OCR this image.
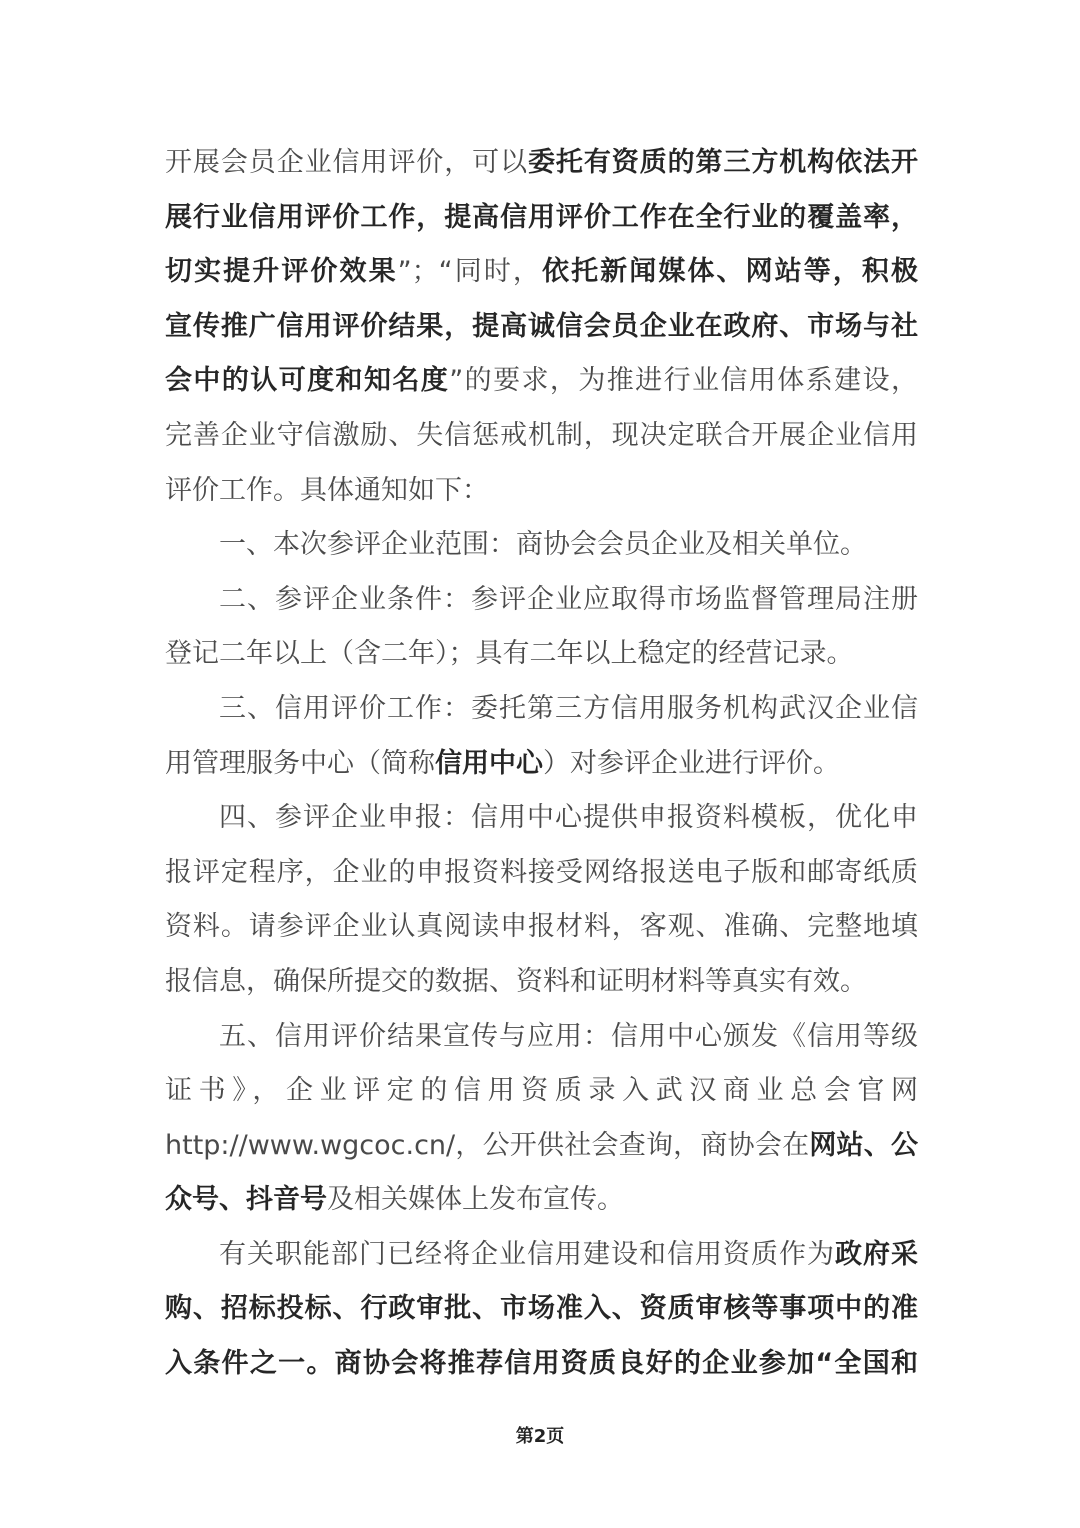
开展会员企业信用评价，可以委托有资质的第三方机构依法开
展行业信用评价工作，提高信用评价工作在全行业的覆盖率，
切实提升评价效果”；“同时，依托新闻媒体、网站等，积极
宣传推广信用评价结果，提高诚信会员企业在政府、市场与社
会中的认可度和知名度”的要求，为推进行业信用体系建设，
完善企业守信激励、失信惩戒机制，现决定联合开展企业信用
评价工作。具体通知如下：
一、本次参评企业范围：商协会会员企业及相关单位。
二、参评企业条件：参评企业应取得市场监督管理局注册
登记二年以上（含二年）；具有二年以上稳定的经营记录。
三、信用评价工作：委托第三方信用服务机构武汉企业信
用管理服务中心（简称信用中心）对参评企业进行评价。
四、参评企业申报：信用中心提供申报资料模板，优化申
报评定程序，企业的申报资料接受网络报送电子版和邮寄纸质
资料。请参评企业认真阅读申报材料，客观、准确、完整地填
报信息，确保所提交的数据、资料和证明材料等真实有效。
五、信用评价结果宣传与应用：信用中心颁发《信用等级
证书》，企业评定的信用资质录入武汉商业总会官网
http://www.wgcoc.cn/，公开供社会查询，商协会在网站、公
众号、抖音号及相关媒体上发布宣传。
有关职能部门已经将企业信用建设和信用资质作为政府采
购、招标投标、行政审批、市场准入、资质审核等事项中的准
入条件之一。商协会将推荐信用资质良好的企业参加“全国和
第2页
